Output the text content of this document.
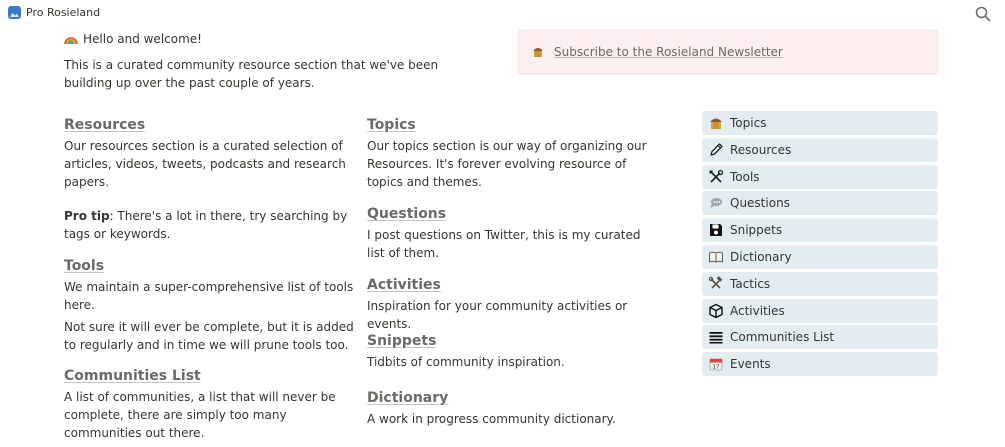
Pro Rosieland
Hello and welcome!

This is a curated community resource section that we've been building up over the past couple of years.

Subscribe to the Rosieland Newsletter
Resources

Our resources section is a curated selection of articles, videos, tweets, podcasts and research papers.

Pro tip: There's a lot in there, try searching by tags or keywords.

Tools

We maintain a super-comprehensive list of tools here.

Not sure it will ever be complete, but it is added to regularly and in time we will prune tools too.

Communities List

A list of communities, a list that will never be complete, there are simply too many communities out there.

Topics

Our topics section is our way of organizing our Resources. It's forever evolving resource of topics and themes.

Questions

I post questions on Twitter, this is my curated list of them.

Activities

Inspiration for your community activities or events.

Snippets

Tidbits of community inspiration.

Dictionary

A work in progress community dictionary.

Topics
Resources
Tools
Questions
Snippets
Dictionary
Tactics
Activities
Communities List
17 Events
